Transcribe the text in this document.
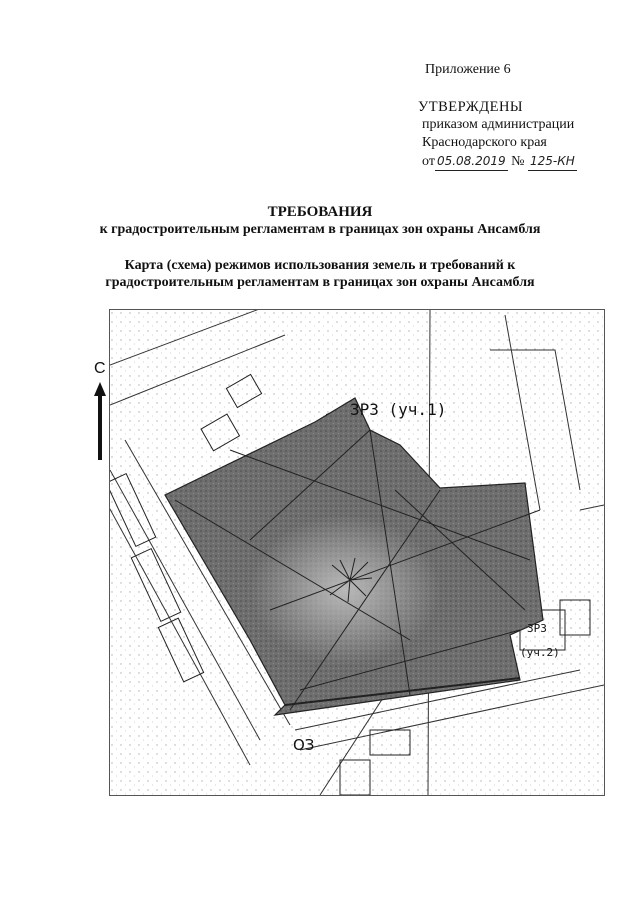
Приложение 6
УТВЕРЖДЕНЫ
приказом администрации
Краснодарского края
от 05.08.2019 № 125-КН
ТРЕБОВАНИЯ
к градостроительным регламентам в границах зон охраны Ансамбля
Карта (схема) режимов использования земель и требований к
градостроительным регламентам в границах зон охраны Ансамбля
С
ЗРЗ (уч.1)
ЗРЗ
(уч.2)
ОЗ
